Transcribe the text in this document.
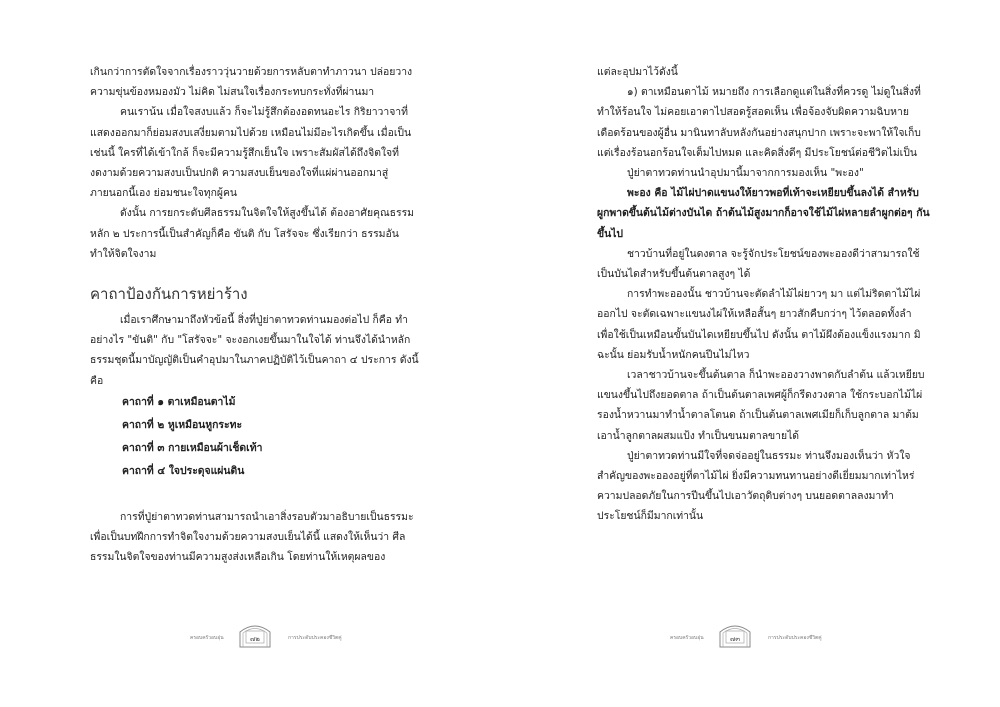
เกินกว่าการตัดใจจากเรื่องราววุ่นวายด้วยการหลับตาทำภาวนา ปล่อยวางความขุ่นข้องหมองมัว ไม่คิด ไม่สนใจเรื่องกระทบกระทั่งที่ผ่านมา

คนเราน้น เมื่อใจสงบแล้ว ก็จะไม่รู้สึกต้องอดทนอะไร กิริยาวาจาที่แสดงออกมาก็ย่อมสงบเสงี่ยมตามไปด้วย เหมือนไม่มีอะไรเกิดขึ้น เมื่อเป็นเช่นนี้ ใครที่ได้เข้าใกล้ ก็จะมีความรู้สึกเย็นใจ เพราะสัมผัสได้ถึงจิตใจที่งดงามด้วยความสงบเป็นปกติ ความสงบเย็นของใจที่แผ่ผ่านออกมาสู่ภายนอกนี้เอง ย่อมชนะใจทุกผู้คน

ดังนั้น การยกระดับศีลธรรมในจิตใจให้สูงขึ้นได้ ต้องอาศัยคุณธรรมหลัก ๒ ประการนี้เป็นสำคัญก็คือ ขันติ กับ โสรัจจะ ซึ่งเรียกว่า ธรรมอันทำให้จิตใจงาม

คาถาป้องกันการหย่าร้าง

เมื่อเราศึกษามาถึงหัวข้อนี้ สิ่งที่ปู่ย่าตาทวดท่านมองต่อไป ก็คือ ทำอย่างไร "ขันติ" กับ "โสรัจจะ" จะงอกเงยขึ้นมาในใจได้ ท่านจึงได้นำหลักธรรมชุดนี้มาบัญญัติเป็นคำอุปมาในภาคปฏิบัติไว้เป็นคาถา ๔ ประการ ดังนี้ คือ

คาถาที่ ๑ ตาเหมือนตาไม้

คาถาที่ ๒ หูเหมือนหูกระทะ

คาถาที่ ๓ กายเหมือนผ้าเช็ดเท้า

คาถาที่ ๔ ใจประดุจแผ่นดิน

การที่ปู่ย่าตาทวดท่านสามารถนำเอาสิ่งรอบตัวมาอธิบายเป็นธรรมะ เพื่อเป็นบทฝึกการทำจิตใจงามด้วยความสงบเย็นได้นี้ แสดงให้เห็นว่า ศีลธรรมในจิตใจของท่านมีความสูงส่งเหลือเกิน โดยท่านให้เหตุผลของ

ครอบครัวอบอุ่น	๗๒	การประดับประคองชีวิตคู่

แต่ละอุปมาไว้ดังนี้

๑) ตาเหมือนตาไม้ หมายถึง การเลือกดูแต่ในสิ่งที่ควรดู ไม่ดูในสิ่งที่ทำให้ร้อนใจ ไม่คอยเอาตาไปสอดรู้สอดเห็น เพื่อจ้องจับผิดความฉิบหายเดือดร้อนของผู้อื่น มานินทาลับหลังกันอย่างสนุกปาก เพราะจะพาให้ใจเก็บแต่เรื่องร้อนอกร้อนใจเต็มไปหมด และคิดสิ่งดีๆ มีประโยชน์ต่อชีวิตไม่เป็น

ปู่ย่าตาทวดท่านนำอุปมานี้มาจากการมองเห็น "พะอง"

พะอง คือ ไม้ไผ่ปาดแขนงให้ยาวพอที่เท้าจะเหยียบขึ้นลงได้ สำหรับผูกพาดขึ้นต้นไม้ต่างบันได ถ้าต้นไม้สูงมากก็อาจใช้ไม้ไผ่หลายลำผูกต่อๆ กันขึ้นไป

ชาวบ้านที่อยู่ในดงตาล จะรู้จักประโยชน์ของพะอองดีว่าสามารถใช้เป็นบันไดสำหรับขึ้นต้นตาลสูงๆ ได้

การทำพะอองนั้น ชาวบ้านจะตัดลำไม้ไผ่ยาวๆ มา แต่ไม่ริดตาไม้ไผ่ออกไป จะตัดเฉพาะแขนงไผ่ให้เหลือสั้นๆ ยาวสักคืบกว่าๆ ไว้ตลอดทั้งลำ เพื่อใช้เป็นเหมือนขั้นบันไดเหยียบขึ้นไป ดังนั้น ตาไม้ผึงต้องแข็งแรงมาก มิฉะนั้น ย่อมรับน้ำหนักคนปีนไม่ไหว

เวลาชาวบ้านจะขึ้นต้นตาล ก็นำพะอองวางพาดกับลำต้น แล้วเหยียบแขนงขึ้นไปถึงยอดตาล ถ้าเป็นต้นตาลเพศผู้ก็กรีดงวงตาล ใช้กระบอกไม้ไผ่รองน้ำหวานมาทำน้ำตาลโตนด ถ้าเป็นต้นตาลเพศเมียก็เก็บลูกตาล มาต้มเอาน้ำลูกตาลผสมแป้ง ทำเป็นขนมตาลขายได้

ปู่ย่าตาทวดท่านมีใจที่จดจ่ออยู่ในธรรมะ ท่านจึงมองเห็นว่า หัวใจสำคัญของพะอองอยู่ที่ตาไม้ไผ่ ยิ่งมีความทนทานอย่างดีเยี่ยมมากเท่าไหร่ ความปลอดภัยในการปีนขึ้นไปเอาวัตถุดิบต่างๆ บนยอดตาลลงมาทำประโยชน์ก็มีมากเท่านั้น

ครอบครัวอบอุ่น	๗๓	การประดับประคองชีวิตคู่
